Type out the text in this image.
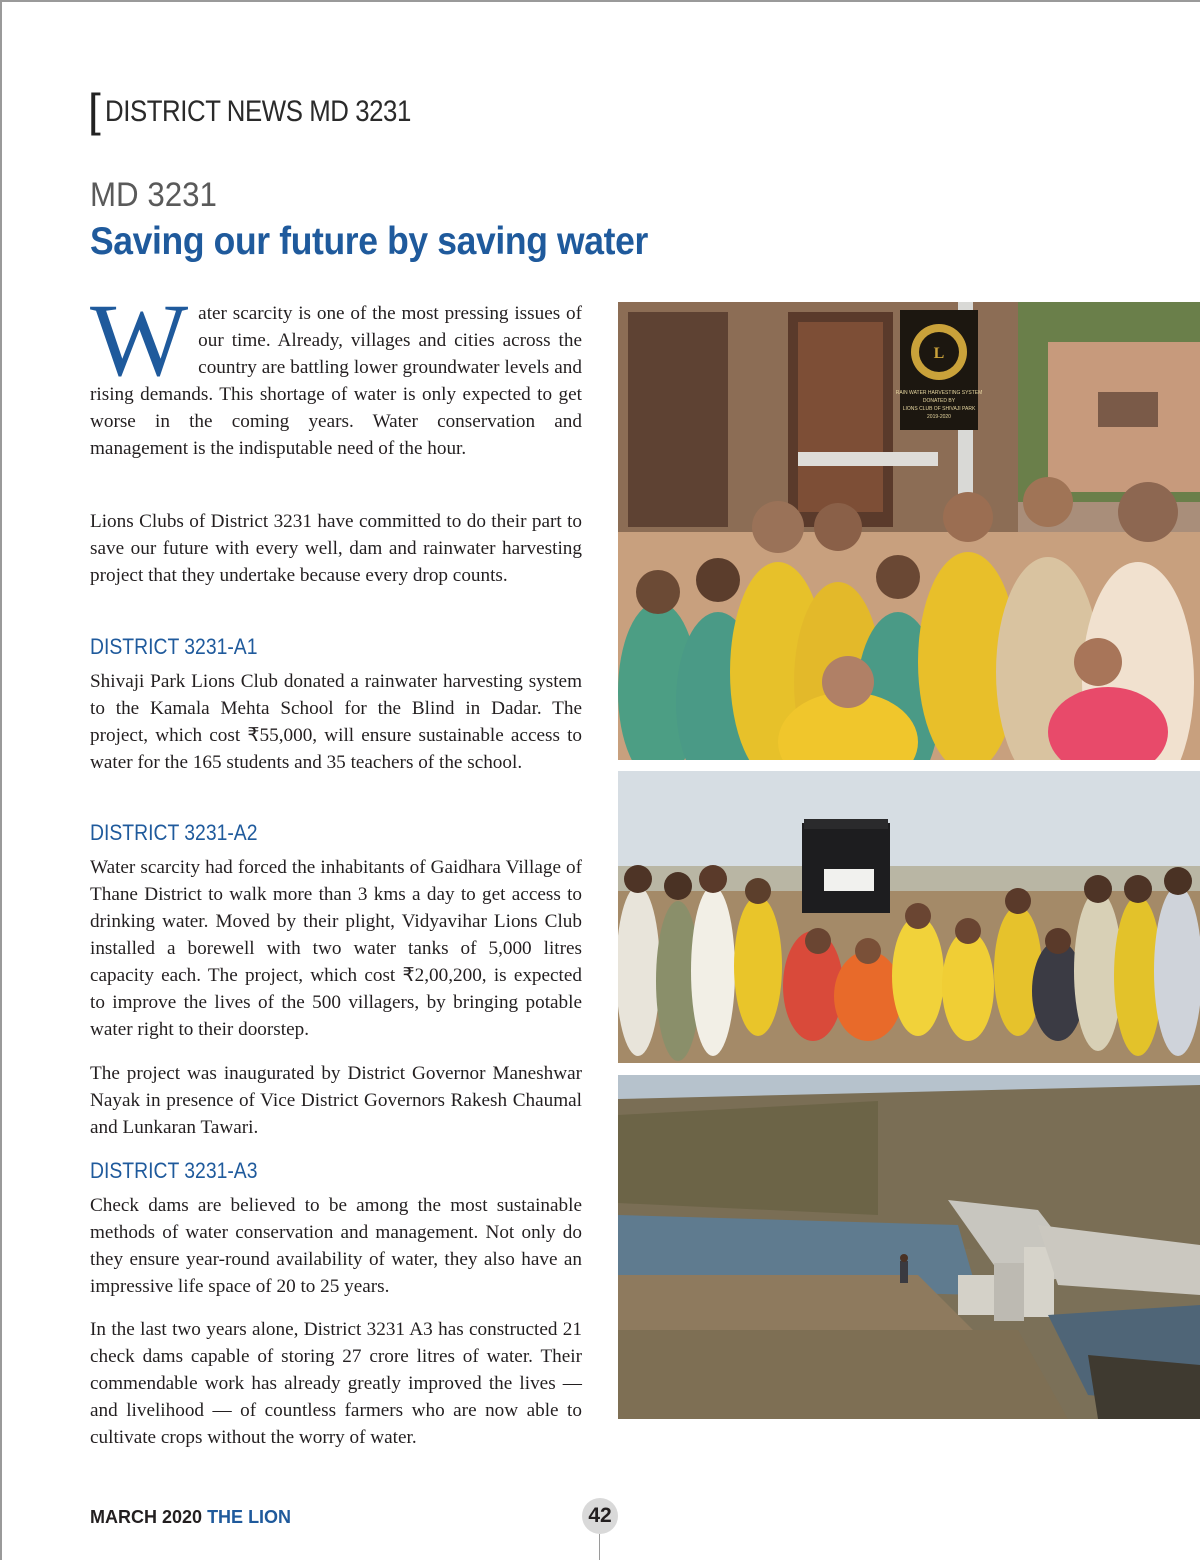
[ DISTRICT NEWS MD 3231
MD 3231
Saving our future by saving water

Water scarcity is one of the most pressing issues of our time. Already, villages and cities across the country are battling lower groundwater levels and rising demands. This shortage of water is only expected to get worse in the coming years. Water conservation and management is the indisputable need of the hour.

Lions Clubs of District 3231 have committed to do their part to save our future with every well, dam and rainwater harvesting project that they undertake because every drop counts.

DISTRICT 3231-A1

Shivaji Park Lions Club donated a rainwater harvesting system to the Kamala Mehta School for the Blind in Dadar. The project, which cost ₹55,000, will ensure sustainable access to water for the 165 students and 35 teachers of the school.

DISTRICT 3231-A2

Water scarcity had forced the inhabitants of Gaidhara Village of Thane District to walk more than 3 kms a day to get access to drinking water. Moved by their plight, Vidyavihar Lions Club installed a borewell with two water tanks of 5,000 litres capacity each. The project, which cost ₹2,00,200, is expected to improve the lives of the 500 villagers, by bringing potable water right to their doorstep.

The project was inaugurated by District Governor Maneshwar Nayak in presence of Vice District Governors Rakesh Chaumal and Lunkaran Tawari.

DISTRICT 3231-A3

Check dams are believed to be among the most sustainable methods of water conservation and management. Not only do they ensure year-round availability of water, they also have an impressive life space of 20 to 25 years.

In the last two years alone, District 3231 A3 has constructed 21 check dams capable of storing 27 crore litres of water. Their commendable work has already greatly improved the lives — and livelihood — of countless farmers who are now able to cultivate crops without the worry of water.

L
RAIN WATER HARVESTING SYSTEM
DONATED BY
LIONS CLUB OF SHIVAJI PARK
2019-2020
MARCH 2020 THE LION	42
